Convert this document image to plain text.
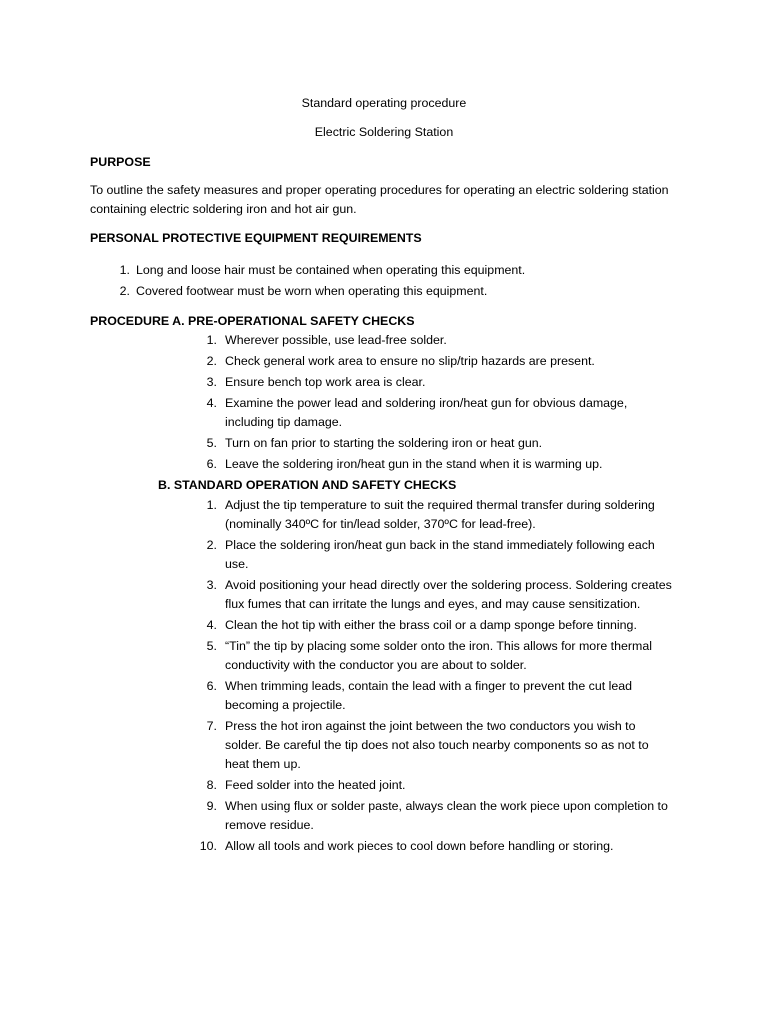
Standard operating procedure
Electric Soldering Station
PURPOSE
To outline the safety measures and proper operating procedures for operating an electric soldering station containing electric soldering iron and hot air gun.
PERSONAL PROTECTIVE EQUIPMENT REQUIREMENTS
1. Long and loose hair must be contained when operating this equipment.
2. Covered footwear must be worn when operating this equipment.
PROCEDURE A. PRE-OPERATIONAL SAFETY CHECKS
1. Wherever possible, use lead-free solder.
2. Check general work area to ensure no slip/trip hazards are present.
3. Ensure bench top work area is clear.
4. Examine the power lead and soldering iron/heat gun for obvious damage, including tip damage.
5. Turn on fan prior to starting the soldering iron or heat gun.
6. Leave the soldering iron/heat gun in the stand when it is warming up.
B. STANDARD OPERATION AND SAFETY CHECKS
1. Adjust the tip temperature to suit the required thermal transfer during soldering (nominally 340ºC for tin/lead solder, 370ºC for lead-free).
2. Place the soldering iron/heat gun back in the stand immediately following each use.
3. Avoid positioning your head directly over the soldering process. Soldering creates flux fumes that can irritate the lungs and eyes, and may cause sensitization.
4. Clean the hot tip with either the brass coil or a damp sponge before tinning.
5. “Tin” the tip by placing some solder onto the iron. This allows for more thermal conductivity with the conductor you are about to solder.
6. When trimming leads, contain the lead with a finger to prevent the cut lead becoming a projectile.
7. Press the hot iron against the joint between the two conductors you wish to solder. Be careful the tip does not also touch nearby components so as not to heat them up.
8. Feed solder into the heated joint.
9. When using flux or solder paste, always clean the work piece upon completion to remove residue.
10. Allow all tools and work pieces to cool down before handling or storing.
